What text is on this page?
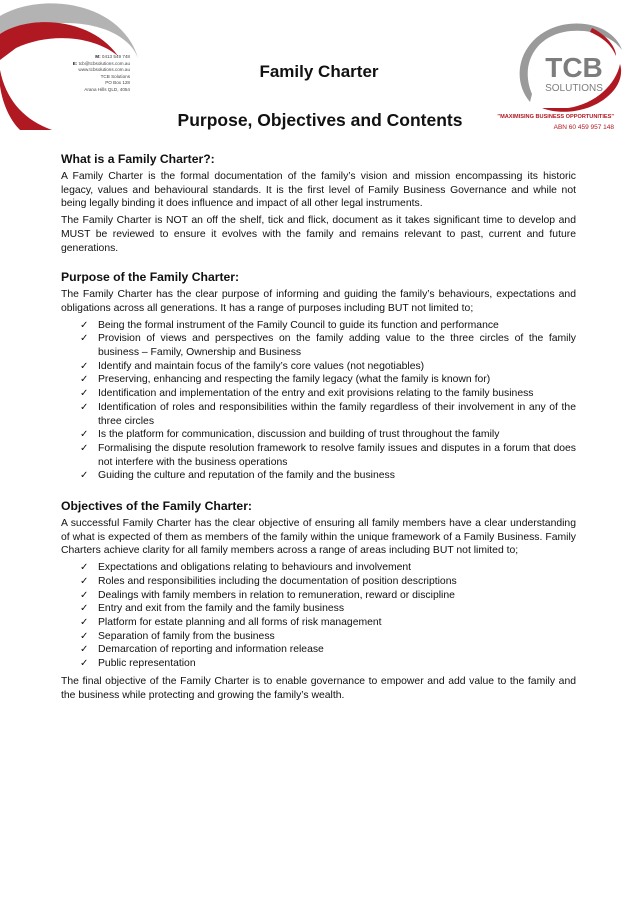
M: 0413 549 748
E: tcb@tcbsolutions.com.au
www.tcbsolutions.com.au
TCB Solutions
PO Box 128
Arana Hills QLD, 4054
Family Charter
Purpose, Objectives and Contents
TCB
SOLUTIONS
"MAXIMISING BUSINESS OPPORTUNITIES"
ABN 60 459 957 148
What is a Family Charter?:

A Family Charter is the formal documentation of the family’s vision and mission encompassing its historic legacy, values and behavioural standards. It is the first level of Family Business Governance and while not being legally binding it does influence and impact of all other legal instruments.

The Family Charter is NOT an off the shelf, tick and flick, document as it takes significant time to develop and MUST be reviewed to ensure it evolves with the family and remains relevant to past, current and future generations.

Purpose of the Family Charter:

The Family Charter has the clear purpose of informing and guiding the family’s behaviours, expectations and obligations across all generations. It has a range of purposes including BUT not limited to;

✓ Being the formal instrument of the Family Council to guide its function and performance
✓ Provision of views and perspectives on the family adding value to the three circles of the family business – Family, Ownership and Business
✓ Identify and maintain focus of the family’s core values (not negotiables)
✓ Preserving, enhancing and respecting the family legacy (what the family is known for)
✓ Identification and implementation of the entry and exit provisions relating to the family business
✓ Identification of roles and responsibilities within the family regardless of their involvement in any of the three circles
✓ Is the platform for communication, discussion and building of trust throughout the family
✓ Formalising the dispute resolution framework to resolve family issues and disputes in a forum that does not interfere with the business operations
✓ Guiding the culture and reputation of the family and the business
Objectives of the Family Charter:

A successful Family Charter has the clear objective of ensuring all family members have a clear understanding of what is expected of them as members of the family within the unique framework of a Family Business. Family Charters achieve clarity for all family members across a range of areas including BUT not limited to;

✓ Expectations and obligations relating to behaviours and involvement
✓ Roles and responsibilities including the documentation of position descriptions
✓ Dealings with family members in relation to remuneration, reward or discipline
✓ Entry and exit from the family and the family business
✓ Platform for estate planning and all forms of risk management
✓ Separation of family from the business
✓ Demarcation of reporting and information release
✓ Public representation

The final objective of the Family Charter is to enable governance to empower and add value to the family and the business while protecting and growing the family’s wealth.
